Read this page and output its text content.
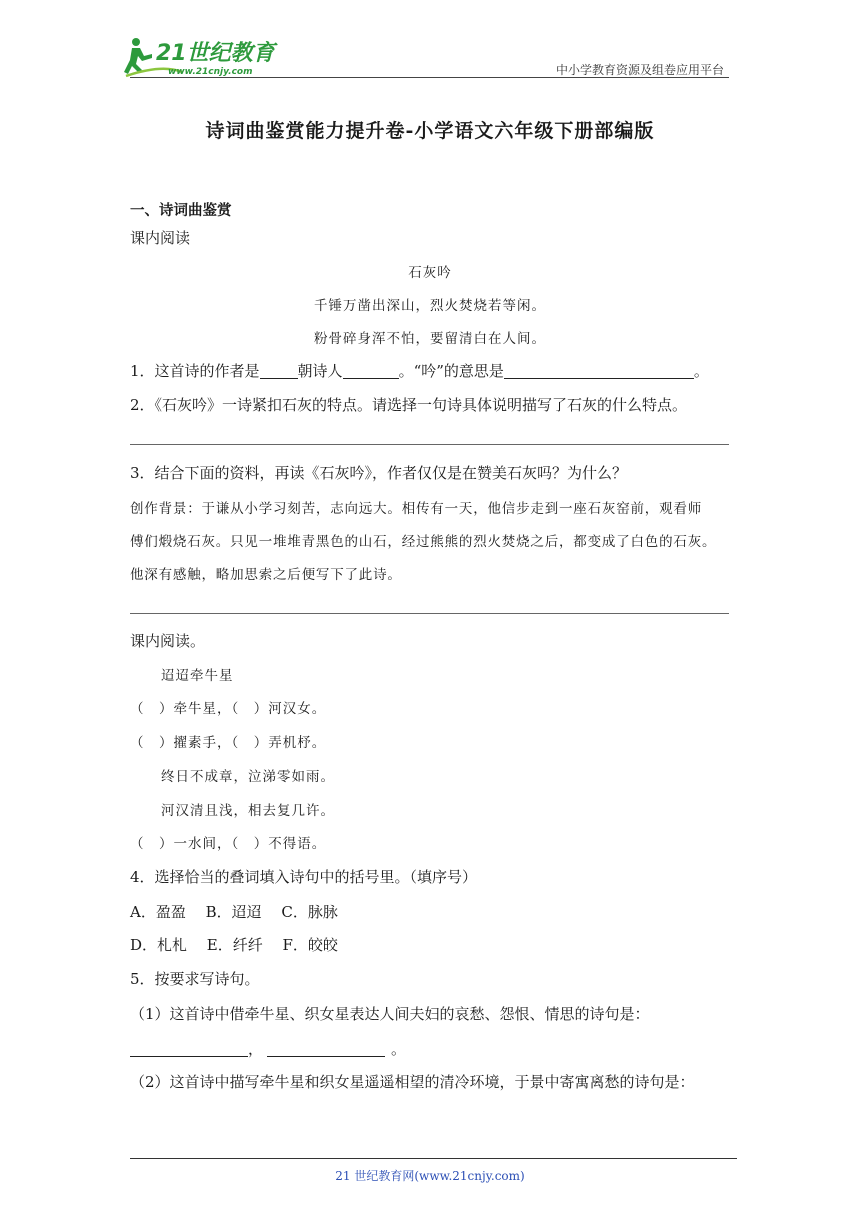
21世纪教育
www.21cnjy.com	中小学教育资源及组卷应用平台
诗词曲鉴赏能力提升卷-小学语文六年级下册部编版
一、诗词曲鉴赏
课内阅读
石灰吟
千锤万凿出深山，烈火焚烧若等闲。
粉骨碎身浑不怕，要留清白在人间。
1．这首诗的作者是	朝诗人	。“吟”的意思是	。
2．《石灰吟》一诗紧扣石灰的特点。请选择一句诗具体说明描写了石灰的什么特点。
3．结合下面的资料，再读《石灰吟》，作者仅仅是在赞美石灰吗？为什么？
创作背景：于谦从小学习刻苦，志向远大。相传有一天，他信步走到一座石灰窑前，观看师
傅们煅烧石灰。只见一堆堆青黑色的山石，经过熊熊的烈火焚烧之后，都变成了白色的石灰。
他深有感触，略加思索之后便写下了此诗。
课内阅读。
迢迢牵牛星
（　）牵牛星，（　）河汉女。
（　）擢素手，（　）弄机杼。
终日不成章，泣涕零如雨。
河汉清且浅，相去复几许。
（　）一水间，（　）不得语。
4．选择恰当的叠词填入诗句中的括号里。（填序号）
A．盈盈　 B．迢迢　 C．脉脉
D．札札　 E．纤纤　 F．皎皎
5．按要求写诗句。
（1）这首诗中借牵牛星、织女星表达人间夫妇的哀愁、怨恨、情思的诗句是：
，	。
（2）这首诗中描写牵牛星和织女星遥遥相望的清冷环境，于景中寄寓离愁的诗句是：
21 世纪教育网(www.21cnjy.com)
